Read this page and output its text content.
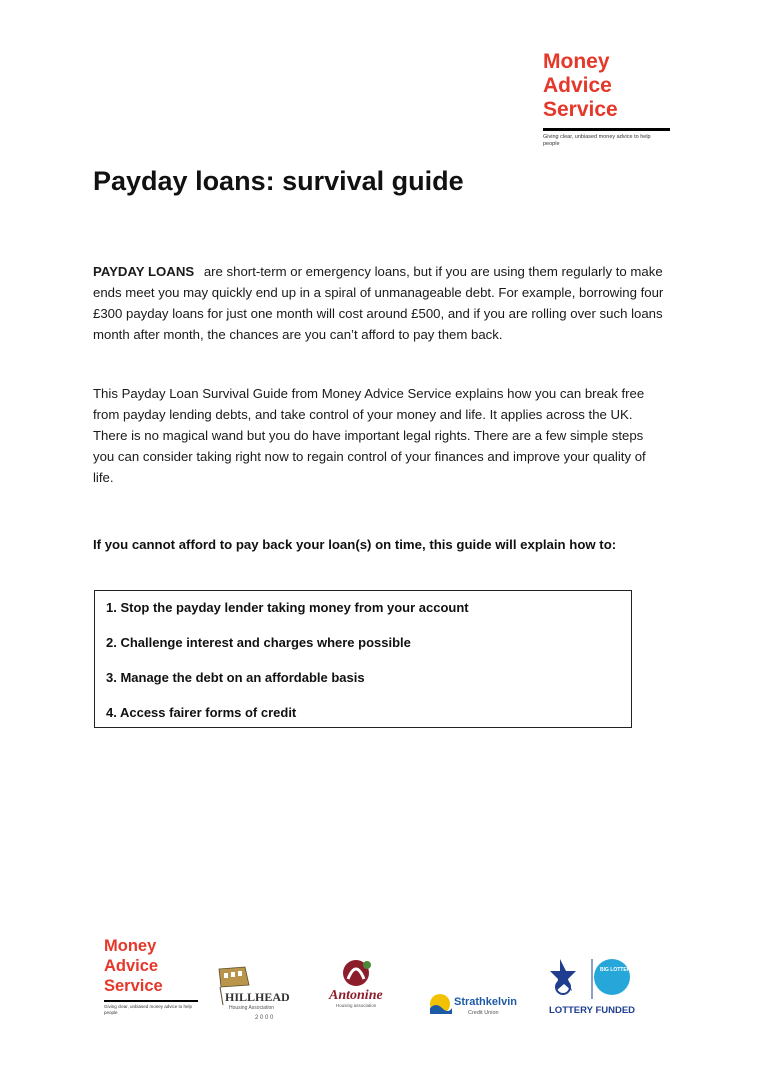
Money
Advice
Service
Giving clear, unbiased money advice to help people
Payday loans: survival guide
PAYDAY LOANS are short-term or emergency loans, but if you are using them regularly to make ends meet you may quickly end up in a spiral of unmanageable debt. For example, borrowing four £300 payday loans for just one month will cost around £500, and if you are rolling over such loans month after month, the chances are you can’t afford to pay them back.
This Payday Loan Survival Guide from Money Advice Service explains how you can break free from payday lending debts, and take control of your money and life. It applies across the UK. There is no magical wand but you do have important legal rights. There are a few simple steps you can consider taking right now to regain control of your finances and improve your quality of life.
If you cannot afford to pay back your loan(s) on time, this guide will explain how to:
1. Stop the payday lender taking money from your account
2. Challenge interest and charges where possible
3. Manage the debt on an affordable basis
4. Access fairer forms of credit
Money
Advice
Service
Giving clear, unbiased money advice to help people
HILLHEAD
Housing Association
2 0 0 0
Antonine
Housing association	Strathkelvin
Credit Union
BIG LOTTERY FUND
LOTTERY FUNDED
